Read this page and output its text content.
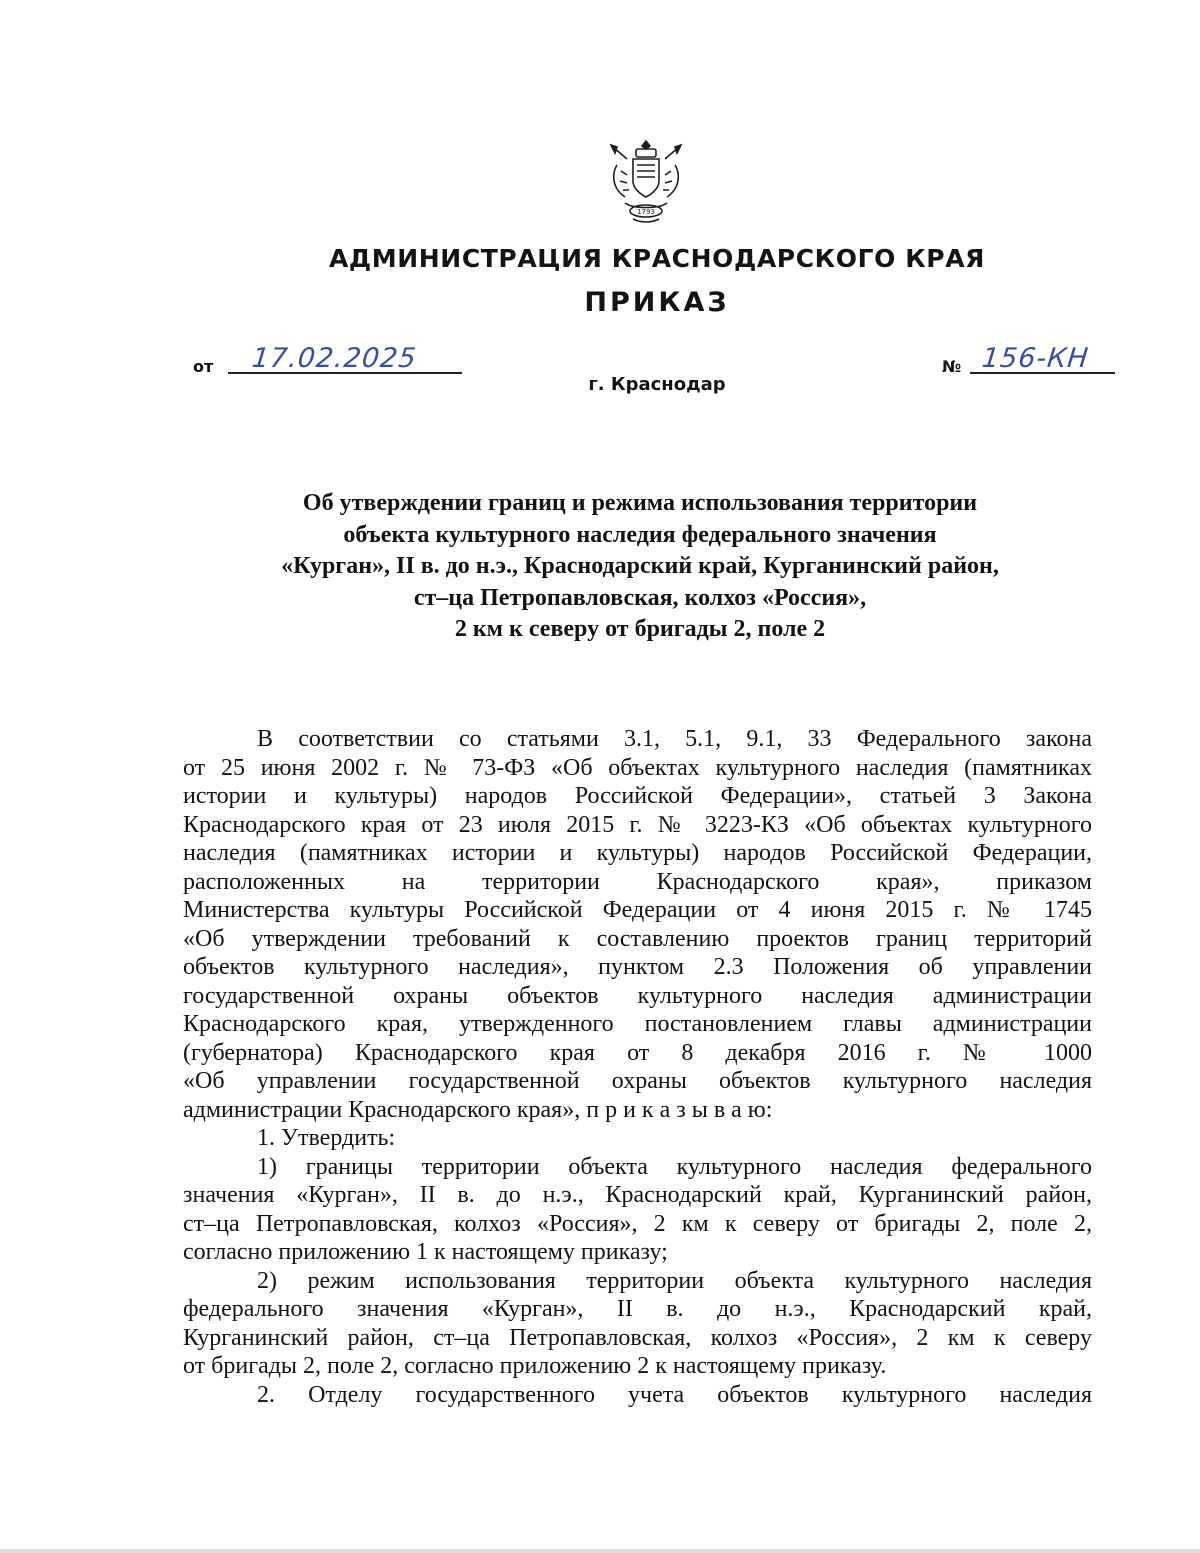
1793
АДМИНИСТРАЦИЯ КРАСНОДАРСКОГО КРАЯ
ПРИКАЗ
от 17.02.2025	№ 156-КН
г. Краснодар
Об утверждении границ и режима использования территории
объекта культурного наследия федерального значения
«Курган», II в. до н.э., Краснодарский край, Курганинский район,
ст–ца Петропавловская, колхоз «Россия»,
2 км к северу от бригады 2, поле 2
В соответствии со статьями 3.1, 5.1, 9.1, 33 Федерального закона
от 25 июня 2002 г. № 73-ФЗ «Об объектах культурного наследия (памятниках
истории и культуры) народов Российской Федерации», статьей 3 Закона
Краснодарского края от 23 июля 2015 г. № 3223-КЗ «Об объектах культурного
наследия (памятниках истории и культуры) народов Российской Федерации,
расположенных на территории Краснодарского края», приказом
Министерства культуры Российской Федерации от 4 июня 2015 г. № 1745
«Об утверждении требований к составлению проектов границ территорий
объектов культурного наследия», пунктом 2.3 Положения об управлении
государственной охраны объектов культурного наследия администрации
Краснодарского края, утвержденного постановлением главы администрации
(губернатора) Краснодарского края от 8 декабря 2016 г. № 1000
«Об управлении государственной охраны объектов культурного наследия
администрации Краснодарского края», п р и к а з ы в а ю:
1. Утвердить:
1) границы территории объекта культурного наследия федерального
значения «Курган», II в. до н.э., Краснодарский край, Курганинский район,
ст–ца Петропавловская, колхоз «Россия», 2 км к северу от бригады 2, поле 2,
согласно приложению 1 к настоящему приказу;
2) режим использования территории объекта культурного наследия
федерального значения «Курган», II в. до н.э., Краснодарский край,
Курганинский район, ст–ца Петропавловская, колхоз «Россия», 2 км к северу
от бригады 2, поле 2, согласно приложению 2 к настоящему приказу.
2. Отделу государственного учета объектов культурного наследия
